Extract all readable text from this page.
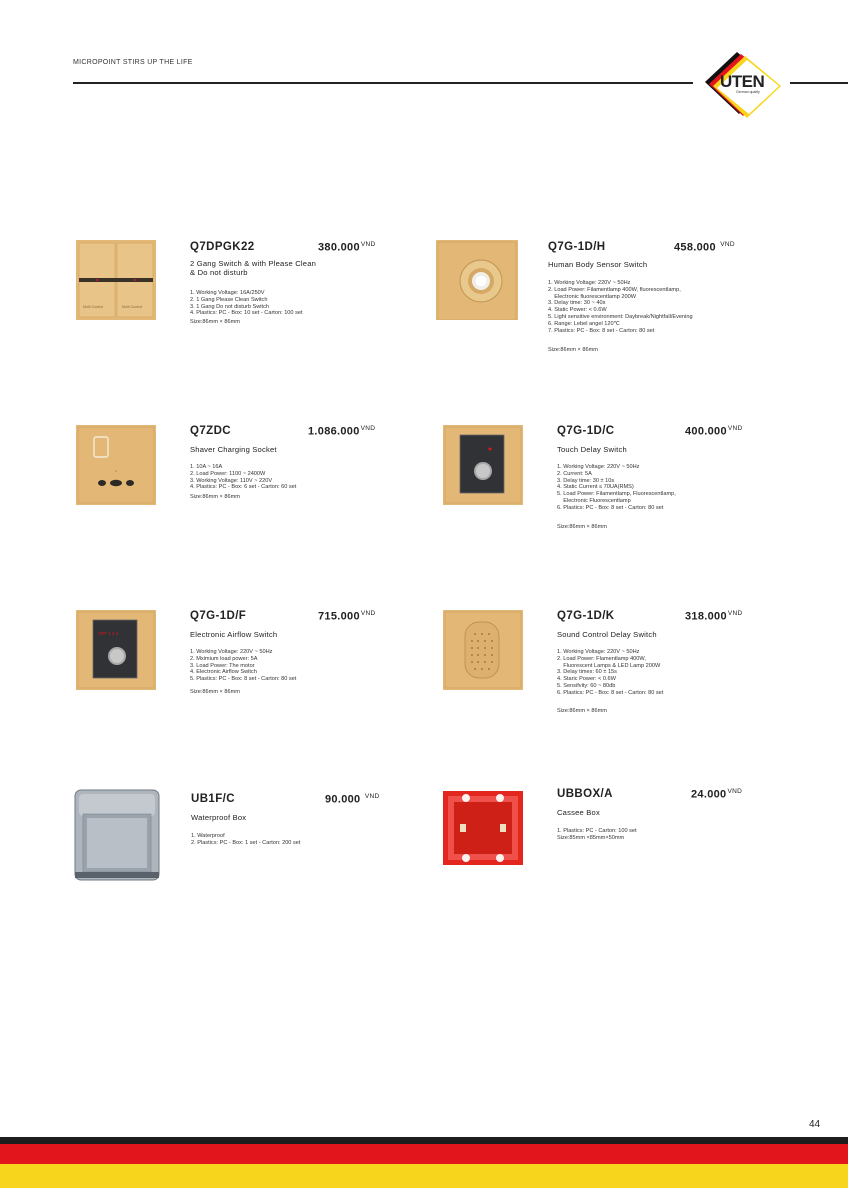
MICROPOINT STIRS UP THE LIFE
UTEN
German quality
Multi Control	Multi Control
Q7DPGK22	$380.000^{VND}$
2 Gang Switch & with Please Clean
& Do not disturb
1. Working Voltage: 16A/250V
2. 1 Gang Please Clean Switch
3. 1 Gang Do not disturb Switch
4. Plastics: PC - Box: 10 set - Carton: 100 set
Size:86mm × 86mm
Q7G-1D/H	458.000 $^{VND}$
Human Body Sensor Switch
1. Working Voltage: 220V ~ 50Hz
2. Load Power: Filamentlamp 400W, fluorescentlamp,
Electronic fluorescentlamp 200W
3. Delay time: 30 ~ 40s
4. Static Power: < 0.6W
5. Light sensitive environment: Daybreak/Nightfall/Evening
6. Range: Lebel angel 120℃
7. Plastics: PC - Box: 8 set - Carton: 80 set
Size:86mm × 86mm
Q7ZDC	$1.086.000^{VND}$
Shaver Charging Socket
1. 10A ~ 16A
2. Load Power: 1100 ~ 2400W
3. Working Voltage: 110V ~ 220V
4. Plastics: PC - Box: 6 set - Carton: 60 set
Size:86mm × 86mm
Q7G-1D/C	$400.000^{VND}$
Touch Delay Switch
1. Working Voltage: 220V ~ 50Hz
2. Current: 5A
3. Delay time: 30 ± 10s
4. Static Current ≤ 70UA(RMS)
5. Load Power: Filamentlamp, Fluorescentlamp,
Electronic Fluorescentlamp
6. Plastics: PC - Box: 8 set - Carton: 80 set
Size:86mm × 86mm
OFF 1 2 3
Q7G-1D/F	$715.000^{VND}$
Electronic Airflow Switch
1. Working Voltage: 220V ~ 50Hz
2. Mximium load power: 5A
3. Load Power: The motor
4. Electronic Airflow Switch
5. Plastics: PC - Box: 8 set - Carton: 80 set
Size:86mm × 86mm
Q7G-1D/K	$318.000^{VND}$
Sound Control Delay Switch
1. Working Voltage: 220V ~ 50Hz
2. Load Power: Flamentlamp 400W,
Fluorescent Lamps & LED Lamp 200W
3. Delay times: 60 ± 15s
4. Staric Power: < 0.6W
5. Sensifvity: 60 ~ 80db
6. Plastics: PC - Box: 8 set - Carton: 80 set
Size:86mm × 86mm
UB1F/C	90.000 $^{VND}$
Waterproof Box
1. Waterproof
2. Plastics: PC - Box: 1 set - Carton: 200 set
UBBOX/A	$24.000^{VND}$
Cassee Box
1. Plastics: PC - Carton: 100 set
Size:85mm ×85mm×50mm
44
